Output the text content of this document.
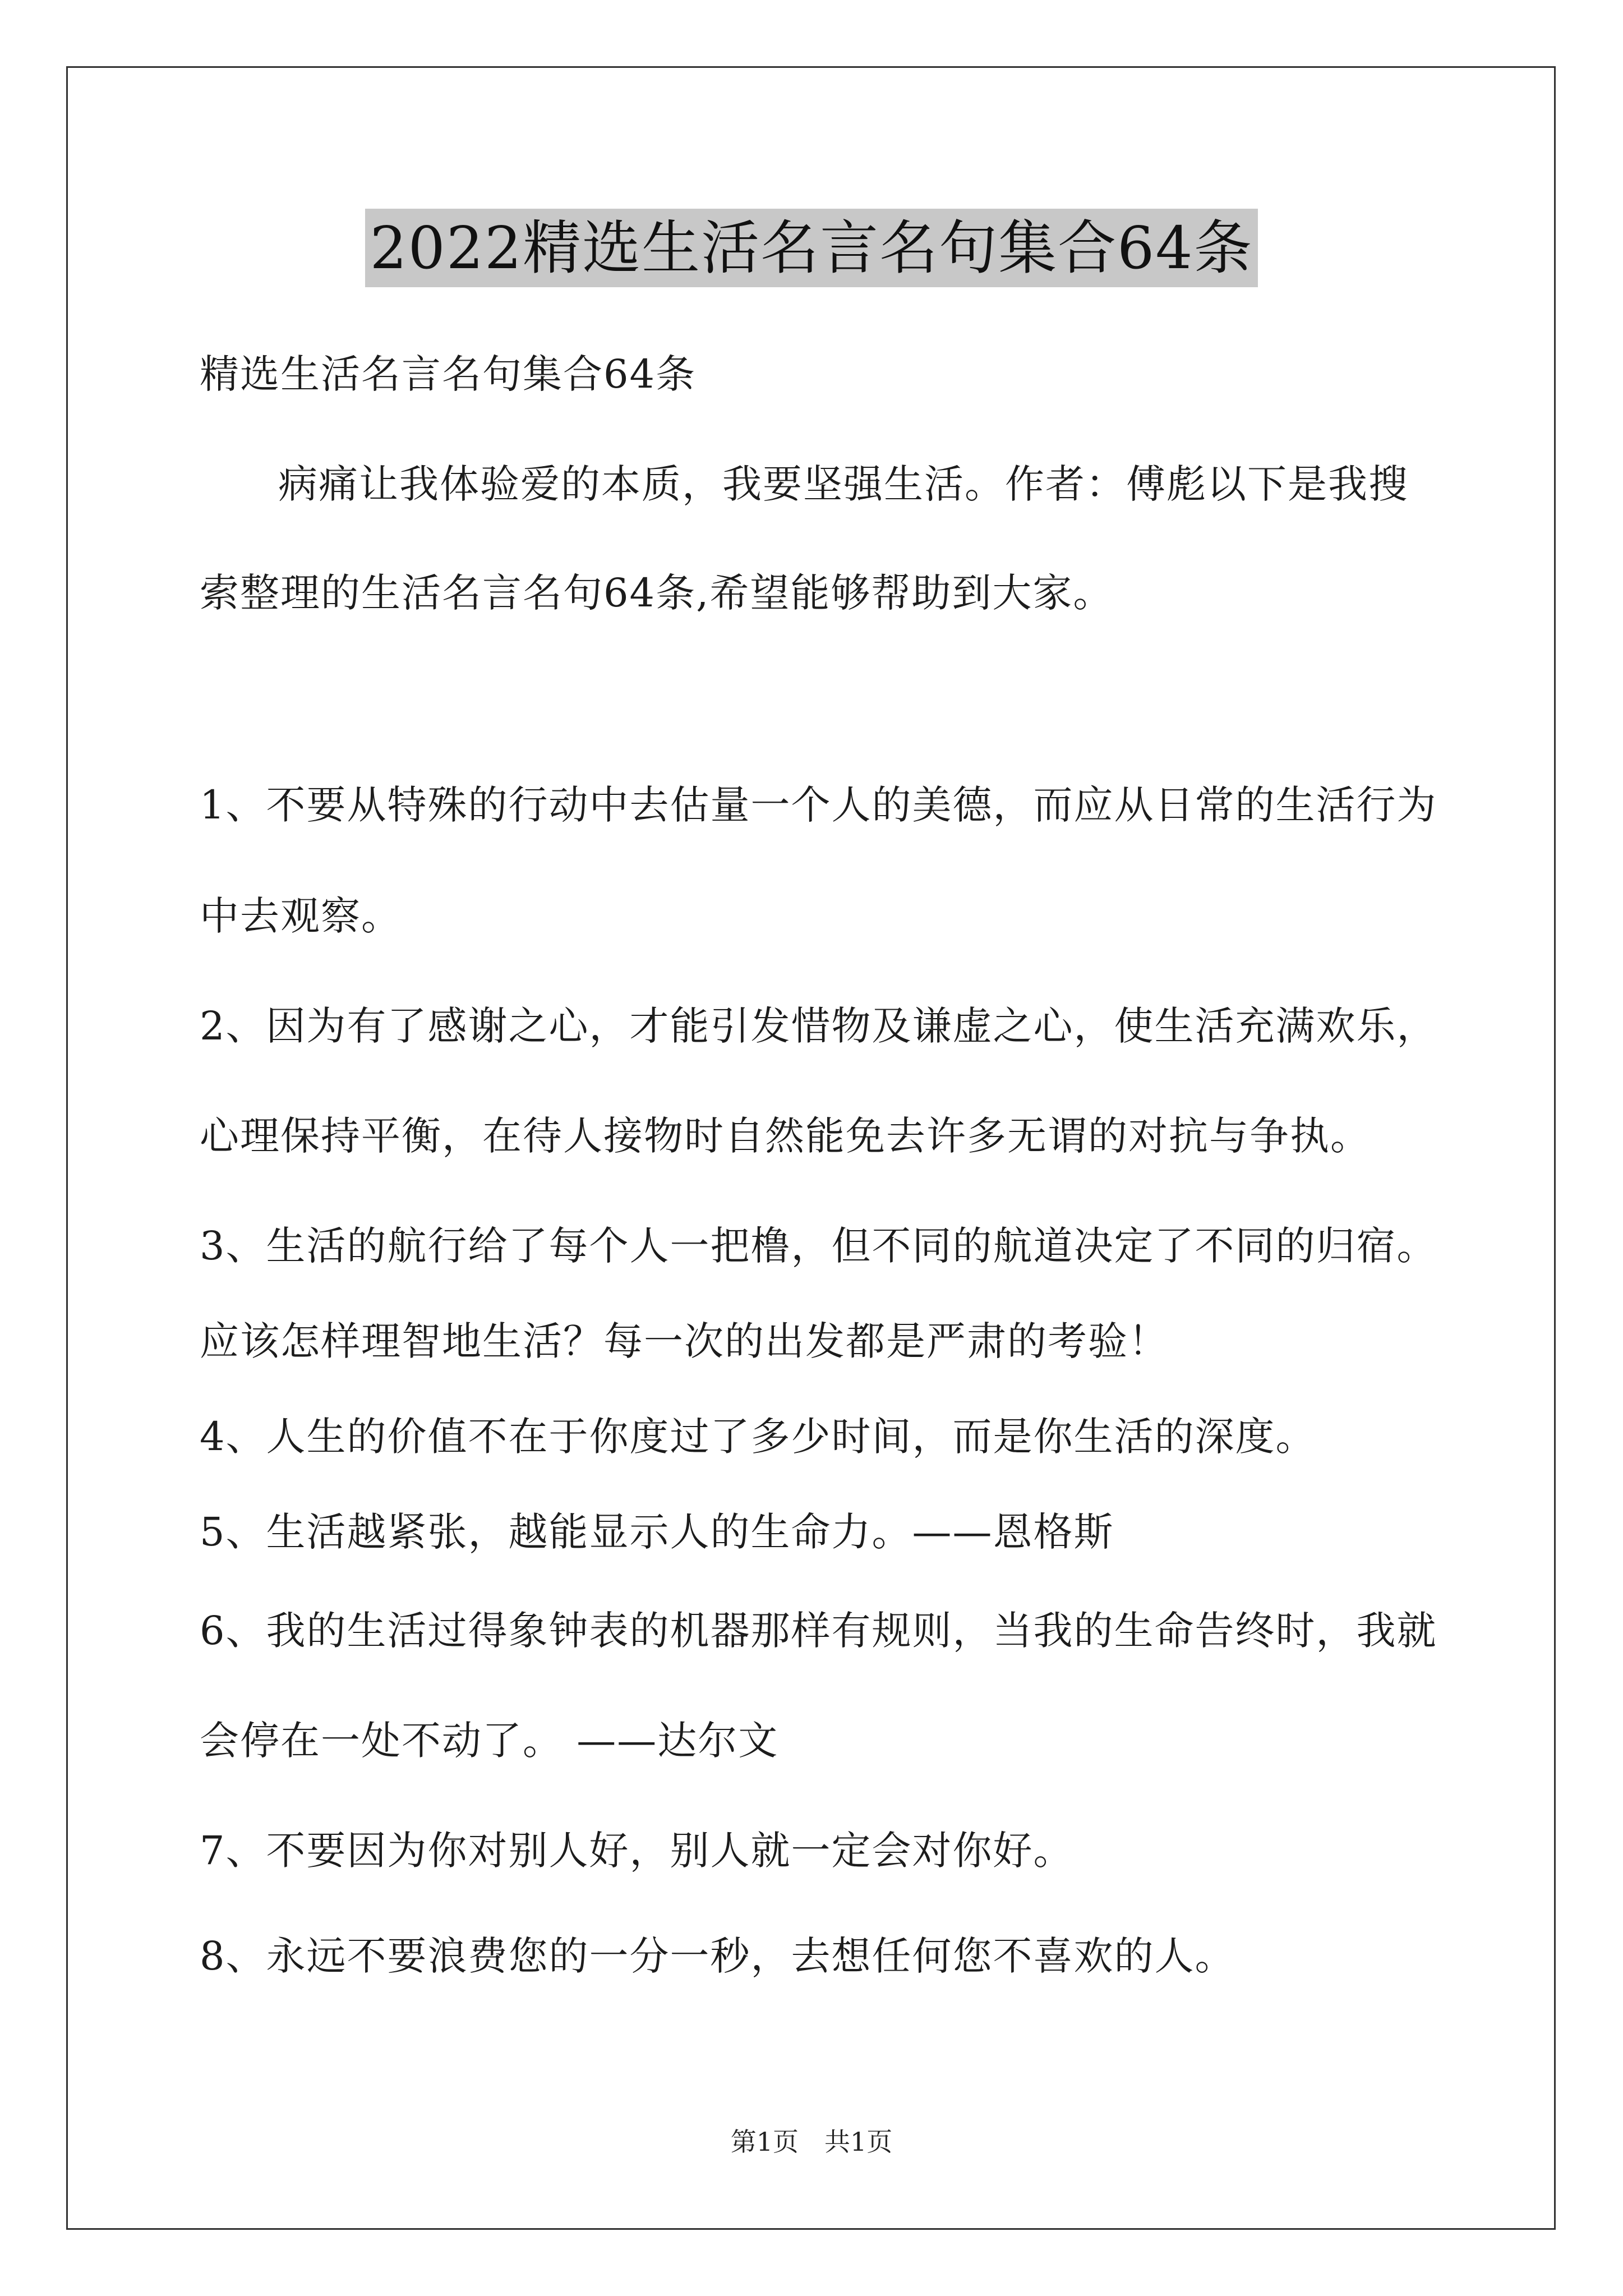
2022精选生活名言名句集合64条
精选生活名言名句集合64条
病痛让我体验爱的本质，我要坚强生活。作者：傅彪以下是我搜
索整理的生活名言名句64条,希望能够帮助到大家。
1、不要从特殊的行动中去估量一个人的美德，而应从日常的生活行为
中去观察。
2、因为有了感谢之心，才能引发惜物及谦虚之心，使生活充满欢乐，
心理保持平衡，在待人接物时自然能免去许多无谓的对抗与争执。
3、生活的航行给了每个人一把橹，但不同的航道决定了不同的归宿。
应该怎样理智地生活？每一次的出发都是严肃的考验！
4、人生的价值不在于你度过了多少时间，而是你生活的深度。
5、生活越紧张，越能显示人的生命力。——恩格斯
6、我的生活过得象钟表的机器那样有规则，当我的生命告终时，我就
会停在一处不动了。 ——达尔文
7、不要因为你对别人好，别人就一定会对你好。
8、永远不要浪费您的一分一秒，去想任何您不喜欢的人。
第1页　共1页
